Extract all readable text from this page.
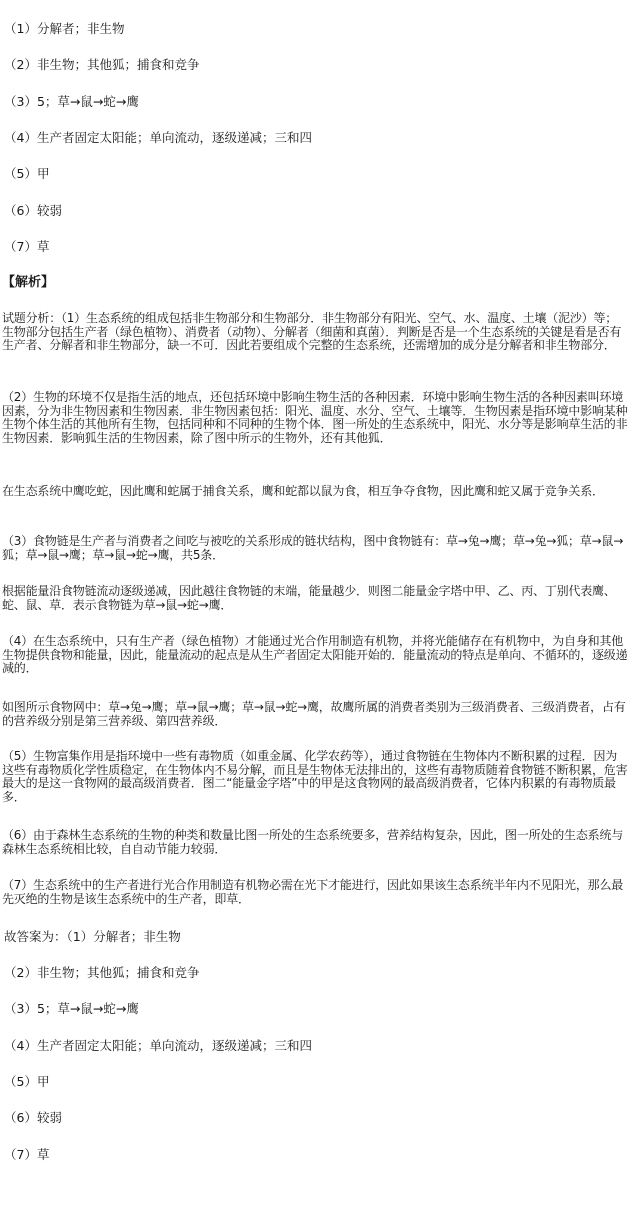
（1）分解者；非生物
（2）非生物；其他狐；捕食和竞争
（3）5；草→鼠→蛇→鹰
（4）生产者固定太阳能；单向流动，逐级递减；三和四
（5）甲
（6）较弱
（7）草
【解析】
试题分析：（1）生态系统的组成包括非生物部分和生物部分．非生物部分有阳光、空气、水、温度、土壤（泥沙）等；生物部分包括生产者（绿色植物）、消费者（动物）、分解者（细菌和真菌）．判断是否是一个生态系统的关键是看是否有生产者、分解者和非生物部分，缺一不可．因此若要组成个完整的生态系统，还需增加的成分是分解者和非生物部分．
（2）生物的环境不仅是指生活的地点，还包括环境中影响生物生活的各种因素．环境中影响生物生活的各种因素叫环境因素，分为非生物因素和生物因素．非生物因素包括：阳光、温度、水分、空气、土壤等．生物因素是指环境中影响某种生物个体生活的其他所有生物，包括同种和不同种的生物个体．图一所处的生态系统中，阳光、水分等是影响草生活的非生物因素．影响狐生活的生物因素，除了图中所示的生物外，还有其他狐．
在生态系统中鹰吃蛇，因此鹰和蛇属于捕食关系，鹰和蛇都以鼠为食，相互争夺食物，因此鹰和蛇又属于竞争关系．
（3）食物链是生产者与消费者之间吃与被吃的关系形成的链状结构，图中食物链有：草→兔→鹰；草→兔→狐；草→鼠→狐；草→鼠→鹰；草→鼠→蛇→鹰，共5条．
根据能量沿食物链流动逐级递减，因此越往食物链的末端，能量越少．则图二能量金字塔中甲、乙、丙、丁别代表鹰、蛇、鼠、草．表示食物链为草→鼠→蛇→鹰．
（4）在生态系统中，只有生产者（绿色植物）才能通过光合作用制造有机物，并将光能储存在有机物中，为自身和其他生物提供食物和能量，因此，能量流动的起点是从生产者固定太阳能开始的．能量流动的特点是单向、不循环的，逐级递减的．
如图所示食物网中：草→兔→鹰；草→鼠→鹰；草→鼠→蛇→鹰，故鹰所属的消费者类别为三级消费者、三级消费者，占有的营养级分别是第三营养级、第四营养级．
（5）生物富集作用是指环境中一些有毒物质（如重金属、化学农药等），通过食物链在生物体内不断积累的过程．因为这些有毒物质化学性质稳定，在生物体内不易分解，而且是生物体无法排出的，这些有毒物质随着食物链不断积累，危害最大的是这一食物网的最高级消费者．图二“能量金字塔”中的甲是这食物网的最高级消费者，它体内积累的有毒物质最多．
（6）由于森林生态系统的生物的种类和数量比图一所处的生态系统要多，营养结构复杂，因此，图一所处的生态系统与森林生态系统相比较，自自动节能力较弱．
（7）生态系统中的生产者进行光合作用制造有机物必需在光下才能进行，因此如果该生态系统半年内不见阳光，那么最先灭绝的生物是该生态系统中的生产者，即草．
故答案为：（1）分解者；非生物
（2）非生物；其他狐；捕食和竞争
（3）5；草→鼠→蛇→鹰
（4）生产者固定太阳能；单向流动，逐级递减；三和四
（5）甲
（6）较弱
（7）草
